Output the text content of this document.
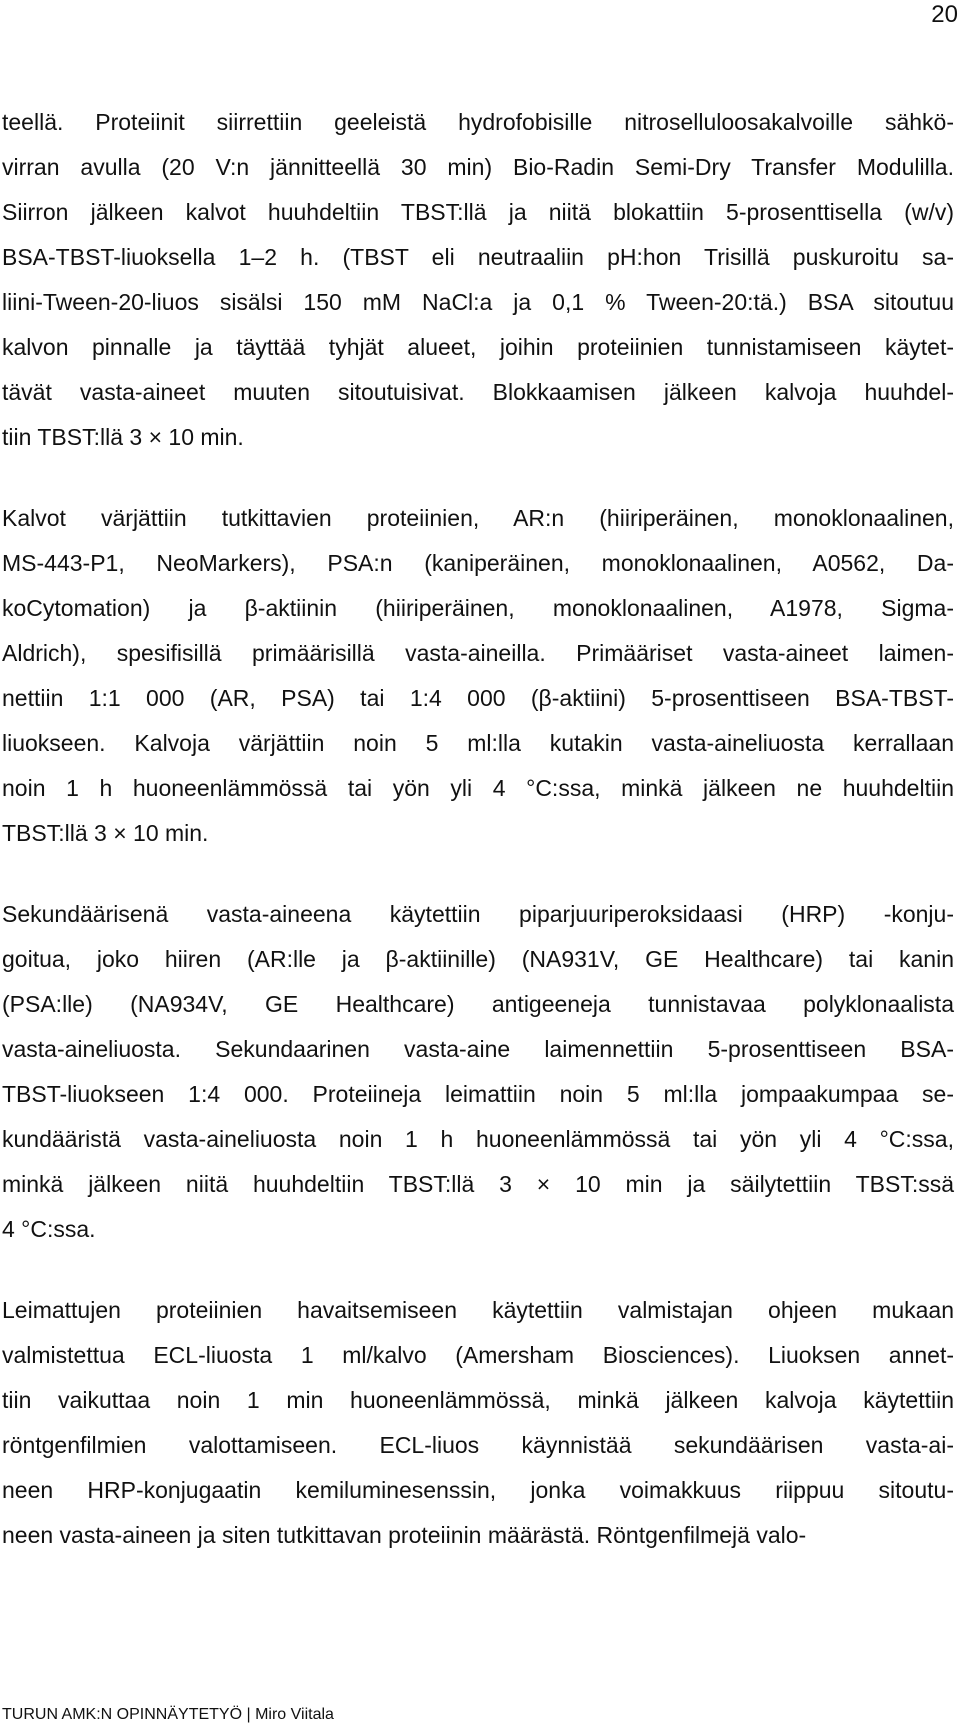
20
teellä. Proteiinit siirrettiin geeleistä hydrofobisille nitroselluloosakalvoille sähkö-
virran avulla (20 V:n jännitteellä 30 min) Bio-Radin Semi-Dry Transfer Modulilla.
Siirron jälkeen kalvot huuhdeltiin TBST:llä ja niitä blokattiin 5-prosenttisella (w/v)
BSA-TBST-liuoksella 1–2 h. (TBST eli neutraaliin pH:hon Trisillä puskuroitu sa-
liini-Tween-20-liuos sisälsi 150 mM NaCl:a ja 0,1 % Tween-20:tä.) BSA sitoutuu
kalvon pinnalle ja täyttää tyhjät alueet, joihin proteiinien tunnistamiseen käytet-
tävät vasta-aineet muuten sitoutuisivat. Blokkaamisen jälkeen kalvoja huuhdel-
tiin TBST:llä 3 × 10 min.
Kalvot värjättiin tutkittavien proteiinien, AR:n (hiiriperäinen, monoklonaalinen,
MS-443-P1, NeoMarkers), PSA:n (kaniperäinen, monoklonaalinen, A0562, Da-
koCytomation) ja β-aktiinin (hiiriperäinen, monoklonaalinen, A1978, Sigma-
Aldrich), spesifisillä primäärisillä vasta-aineilla. Primääriset vasta-aineet laimen-
nettiin 1:1 000 (AR, PSA) tai 1:4 000 (β-aktiini) 5-prosenttiseen BSA-TBST-
liuokseen. Kalvoja värjättiin noin 5 ml:lla kutakin vasta-aineliuosta kerrallaan
noin 1 h huoneenlämmössä tai yön yli 4 °C:ssa, minkä jälkeen ne huuhdeltiin
TBST:llä 3 × 10 min.
Sekundäärisenä vasta-aineena käytettiin piparjuuriperoksidaasi (HRP) -konju-
goitua, joko hiiren (AR:lle ja β-aktiinille) (NA931V, GE Healthcare) tai kanin
(PSA:lle) (NA934V, GE Healthcare) antigeeneja tunnistavaa polyklonaalista
vasta-aineliuosta. Sekundaarinen vasta-aine laimennettiin 5-prosenttiseen BSA-
TBST-liuokseen 1:4 000. Proteiineja leimattiin noin 5 ml:lla jompaakumpaa se-
kundääristä vasta-aineliuosta noin 1 h huoneenlämmössä tai yön yli 4 °C:ssa,
minkä jälkeen niitä huuhdeltiin TBST:llä 3 × 10 min ja säilytettiin TBST:ssä
4 °C:ssa.
Leimattujen proteiinien havaitsemiseen käytettiin valmistajan ohjeen mukaan
valmistettua ECL-liuosta 1 ml/kalvo (Amersham Biosciences). Liuoksen annet-
tiin vaikuttaa noin 1 min huoneenlämmössä, minkä jälkeen kalvoja käytettiin
röntgenfilmien valottamiseen. ECL-liuos käynnistää sekundäärisen vasta-ai-
neen HRP-konjugaatin kemiluminesenssin, jonka voimakkuus riippuu sitoutu-
neen vasta-aineen ja siten tutkittavan proteiinin määrästä. Röntgenfilmejä valo-
TURUN AMK:N OPINNÄYTETYÖ | Miro Viitala
